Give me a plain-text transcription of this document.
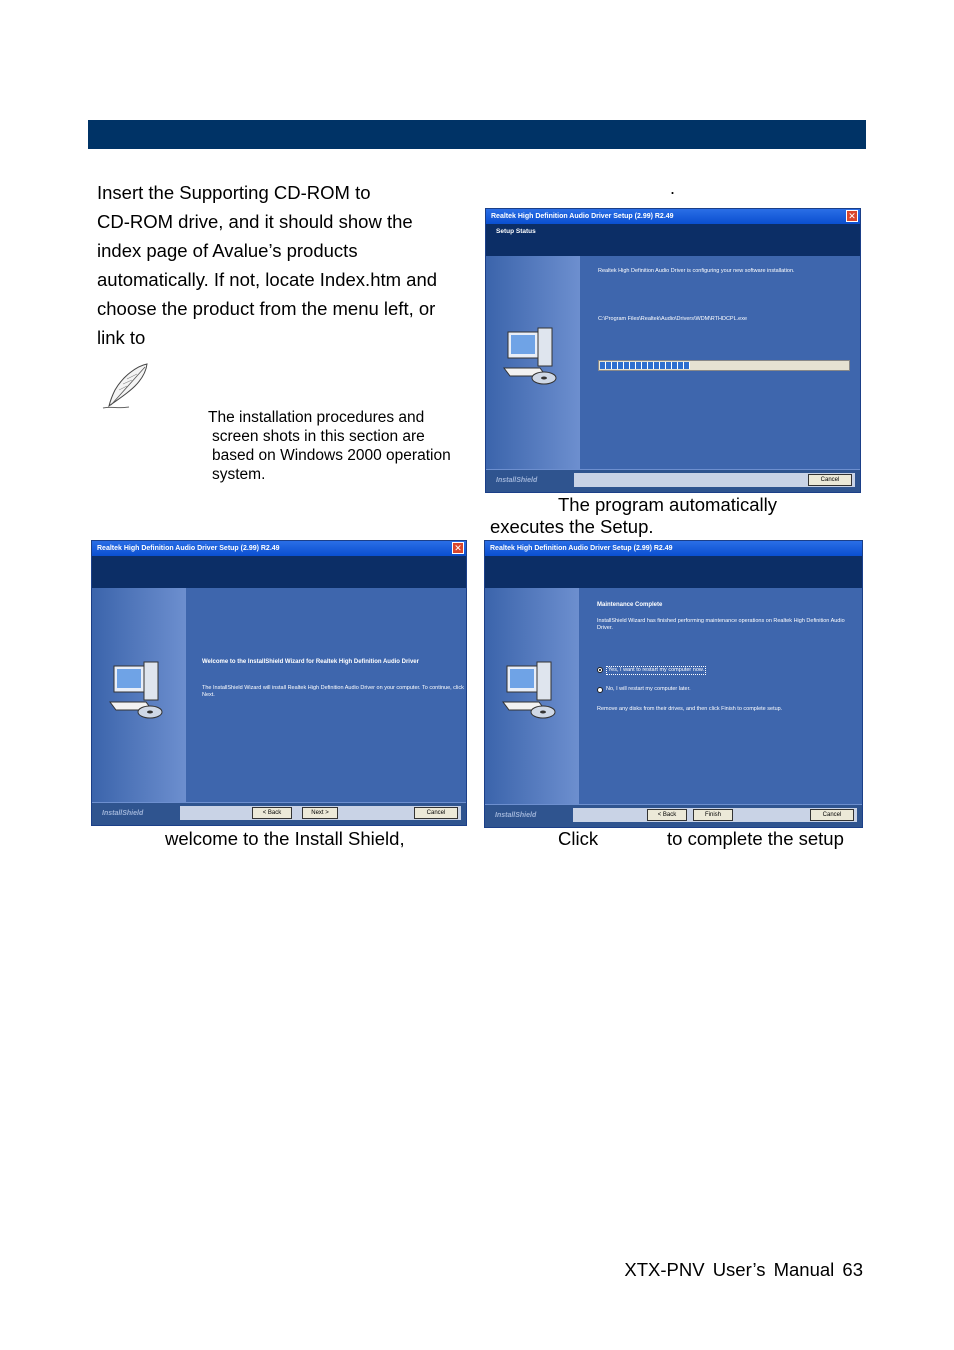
Insert the Supporting CD-ROM to

CD-ROM drive, and it should show the

index page of Avalue’s products

automatically. If not, locate Index.htm and

choose the product from the menu left, or

link to

.

The installation procedures and

screen shots in this section are

based on Windows 2000 operation

system.

Realtek High Definition Audio Driver Setup (2.99) R2.49	✕
Setup Status
Realtek High Definition Audio Driver is configuring your new software installation.
C:\Program Files\Realtek\Audio\Drivers\WDM\RTHDCPL.exe
InstallShield	Cancel
The program automatically
executes the Setup.
Realtek High Definition Audio Driver Setup (2.99) R2.49	✕
Welcome to the InstallShield Wizard for Realtek High Definition Audio Driver
The InstallShield Wizard will install Realtek High Definition Audio Driver on your computer. To continue, click Next.
InstallShield	< Back	Next >	Cancel
welcome to the Install Shield,
Realtek High Definition Audio Driver Setup (2.99) R2.49
Maintenance Complete
InstallShield Wizard has finished performing maintenance operations on Realtek High Definition Audio Driver.
Yes, I want to restart my computer now.
No, I will restart my computer later.
Remove any disks from their drives, and then click Finish to complete setup.
InstallShield	< Back	Finish	Cancel
Click	to complete the setup
XTX-PNV User’s Manual 63
